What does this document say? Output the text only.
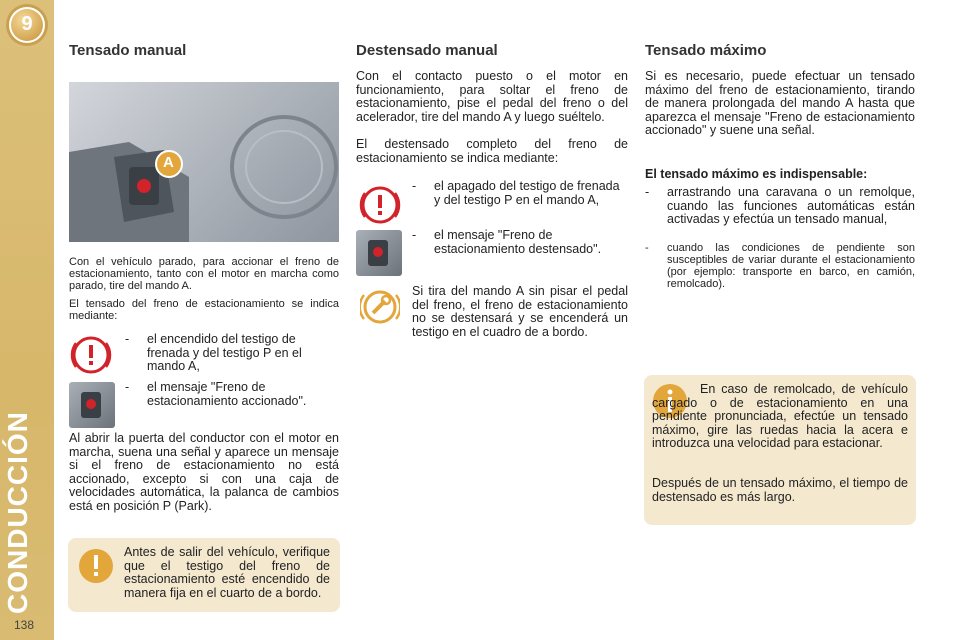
9
CONDUCCIÓN
138
Tensado manual
A

Con el vehículo parado, para accionar el freno de estacionamiento, tanto con el motor en marcha como parado, tire del mando A.

El tensado del freno de estacionamiento se indica mediante:

- el encendido del testigo de frenada y del testigo P en el mando A,
- el mensaje "Freno de estacionamiento accionado".

Al abrir la puerta del conductor con el motor en marcha, suena una señal y aparece un mensaje si el freno de estacionamiento no está accionado, excepto si con una caja de velocidades automática, la palanca de cambios está en posición P (Park).

Antes de salir del vehículo, verifique que el testigo del freno de estacionamiento esté encendido de manera fija en el cuarto de a bordo.

Destensado manual

Con el contacto puesto o el motor en funcionamiento, para soltar el freno de estacionamiento, pise el pedal del freno o del acelerador, tire del mando A y luego suéltelo.

El destensado completo del freno de estacionamiento se indica mediante:

- el apagado del testigo de frenada y del testigo P en el mando A,
- el mensaje "Freno de estacionamiento destensado".

Si tira del mando A sin pisar el pedal del freno, el freno de estacionamiento no se destensará y se encenderá un testigo en el cuadro de a bordo.

Tensado máximo

Si es necesario, puede efectuar un tensado máximo del freno de estacionamiento, tirando de manera prolongada del mando A hasta que aparezca el mensaje "Freno de estacionamiento accionado" y suene una señal.

El tensado máximo es indispensable:

- arrastrando una caravana o un remolque, cuando las funciones automáticas están activadas y efectúa un tensado manual,
- cuando las condiciones de pendiente son susceptibles de variar durante el estacionamiento (por ejemplo: transporte en barco, en camión, remolcado).

En caso de remolcado, de vehículo cargado o de estacionamiento en una pendiente pronunciada, efectúe un tensado máximo, gire las ruedas hacia la acera e introduzca una velocidad para estacionar.

Después de un tensado máximo, el tiempo de destensado es más largo.
